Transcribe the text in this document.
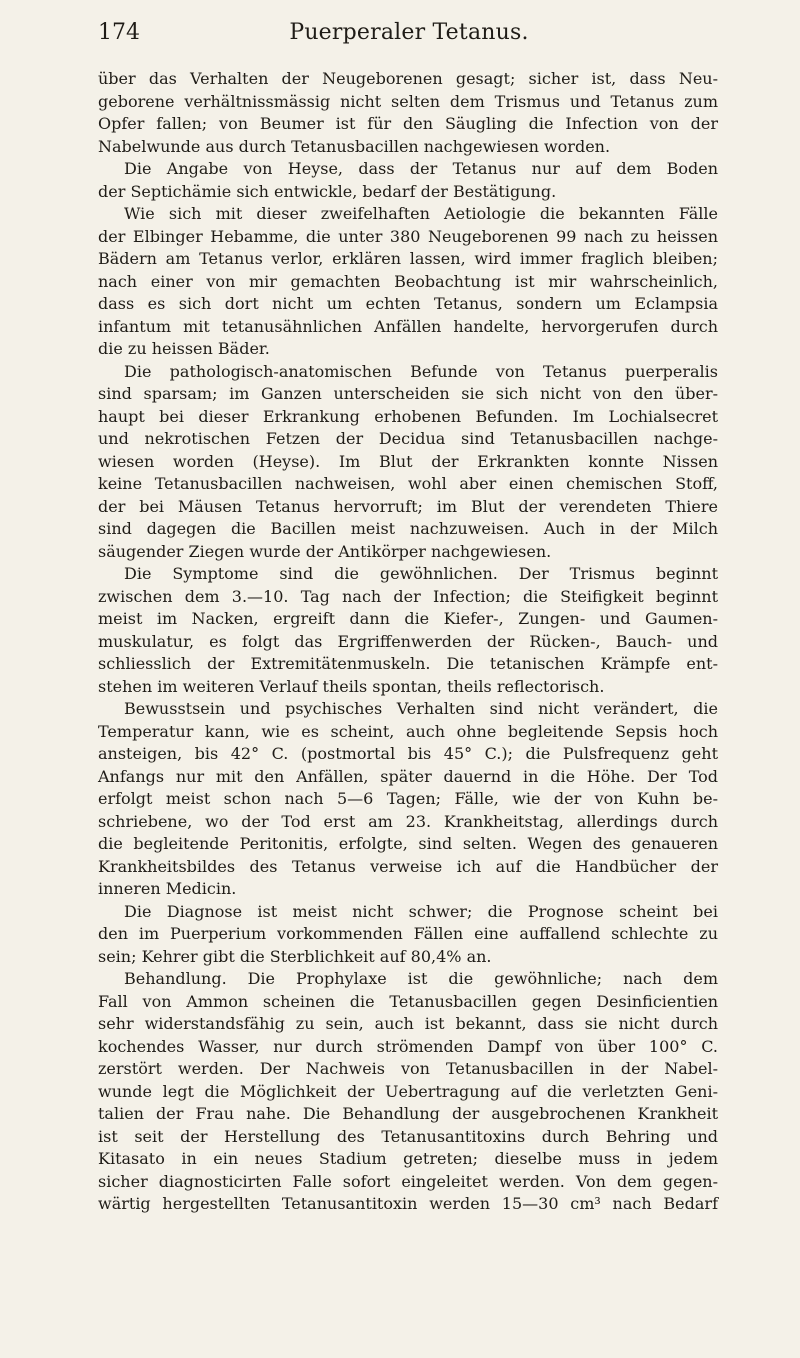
174	Puerperaler Tetanus.
über das Verhalten der Neugeborenen gesagt; sicher ist, dass Neu-
geborene verhältnissmässig nicht selten dem Trismus und Tetanus zum
Opfer fallen; von Beumer ist für den Säugling die Infection von der
Nabelwunde aus durch Tetanusbacillen nachgewiesen worden.
Die Angabe von Heyse, dass der Tetanus nur auf dem Boden
der Septichämie sich entwickle, bedarf der Bestätigung.
Wie sich mit dieser zweifelhaften Aetiologie die bekannten Fälle
der Elbinger Hebamme, die unter 380 Neugeborenen 99 nach zu heissen
Bädern am Tetanus verlor, erklären lassen, wird immer fraglich bleiben;
nach einer von mir gemachten Beobachtung ist mir wahrscheinlich,
dass es sich dort nicht um echten Tetanus, sondern um Eclampsia
infantum mit tetanusähnlichen Anfällen handelte, hervorgerufen durch
die zu heissen Bäder.
Die pathologisch-anatomischen Befunde von Tetanus puerperalis
sind sparsam; im Ganzen unterscheiden sie sich nicht von den über-
haupt bei dieser Erkrankung erhobenen Befunden. Im Lochialsecret
und nekrotischen Fetzen der Decidua sind Tetanusbacillen nachge-
wiesen worden (Heyse). Im Blut der Erkrankten konnte Nissen
keine Tetanusbacillen nachweisen, wohl aber einen chemischen Stoff,
der bei Mäusen Tetanus hervorruft; im Blut der verendeten Thiere
sind dagegen die Bacillen meist nachzuweisen. Auch in der Milch
säugender Ziegen wurde der Antikörper nachgewiesen.
Die Symptome sind die gewöhnlichen. Der Trismus beginnt
zwischen dem 3.—10. Tag nach der Infection; die Steifigkeit beginnt
meist im Nacken, ergreift dann die Kiefer-, Zungen- und Gaumen-
muskulatur, es folgt das Ergriffenwerden der Rücken-, Bauch- und
schliesslich der Extremitätenmuskeln. Die tetanischen Krämpfe ent-
stehen im weiteren Verlauf theils spontan, theils reflectorisch.
Bewusstsein und psychisches Verhalten sind nicht verändert, die
Temperatur kann, wie es scheint, auch ohne begleitende Sepsis hoch
ansteigen, bis 42° C. (postmortal bis 45° C.); die Pulsfrequenz geht
Anfangs nur mit den Anfällen, später dauernd in die Höhe. Der Tod
erfolgt meist schon nach 5—6 Tagen; Fälle, wie der von Kuhn be-
schriebene, wo der Tod erst am 23. Krankheitstag, allerdings durch
die begleitende Peritonitis, erfolgte, sind selten. Wegen des genaueren
Krankheitsbildes des Tetanus verweise ich auf die Handbücher der
inneren Medicin.
Die Diagnose ist meist nicht schwer; die Prognose scheint bei
den im Puerperium vorkommenden Fällen eine auffallend schlechte zu
sein; Kehrer gibt die Sterblichkeit auf 80,4% an.
Behandlung. Die Prophylaxe ist die gewöhnliche; nach dem
Fall von Ammon scheinen die Tetanusbacillen gegen Desinficientien
sehr widerstandsfähig zu sein, auch ist bekannt, dass sie nicht durch
kochendes Wasser, nur durch strömenden Dampf von über 100° C.
zerstört werden. Der Nachweis von Tetanusbacillen in der Nabel-
wunde legt die Möglichkeit der Uebertragung auf die verletzten Geni-
talien der Frau nahe. Die Behandlung der ausgebrochenen Krankheit
ist seit der Herstellung des Tetanusantitoxins durch Behring und
Kitasato in ein neues Stadium getreten; dieselbe muss in jedem
sicher diagnosticirten Falle sofort eingeleitet werden. Von dem gegen-
wärtig hergestellten Tetanusantitoxin werden 15—30 cm³ nach Bedarf
